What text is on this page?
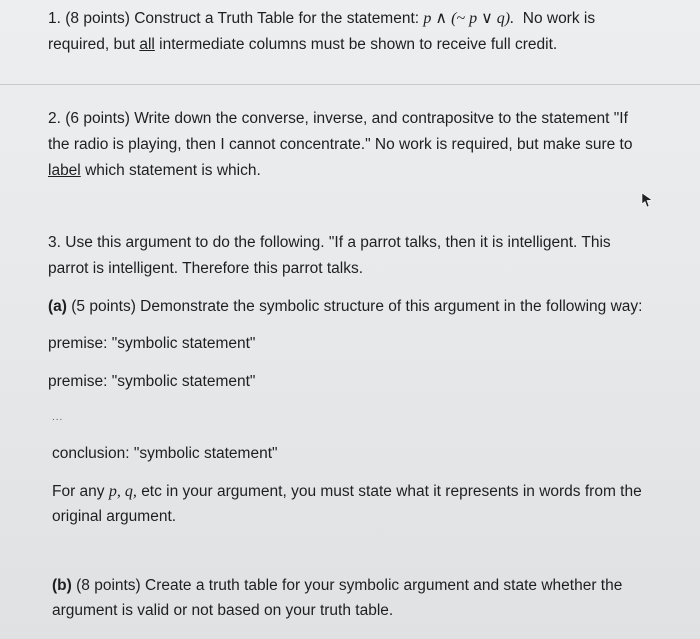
1. (8 points) Construct a Truth Table for the statement: p ∧ (~ p ∨ q). No work is
required, but all intermediate columns must be shown to receive full credit.
2. (6 points) Write down the converse, inverse, and contrapositve to the statement "If
the radio is playing, then I cannot concentrate." No work is required, but make sure to
label which statement is which.
3. Use this argument to do the following. "If a parrot talks, then it is intelligent. This
parrot is intelligent. Therefore this parrot talks.
(a) (5 points) Demonstrate the symbolic structure of this argument in the following way:
premise: "symbolic statement"
premise: "symbolic statement"
...
conclusion: "symbolic statement"
For any p, q, etc in your argument, you must state what it represents in words from the
original argument.
(b) (8 points) Create a truth table for your symbolic argument and state whether the
argument is valid or not based on your truth table.
